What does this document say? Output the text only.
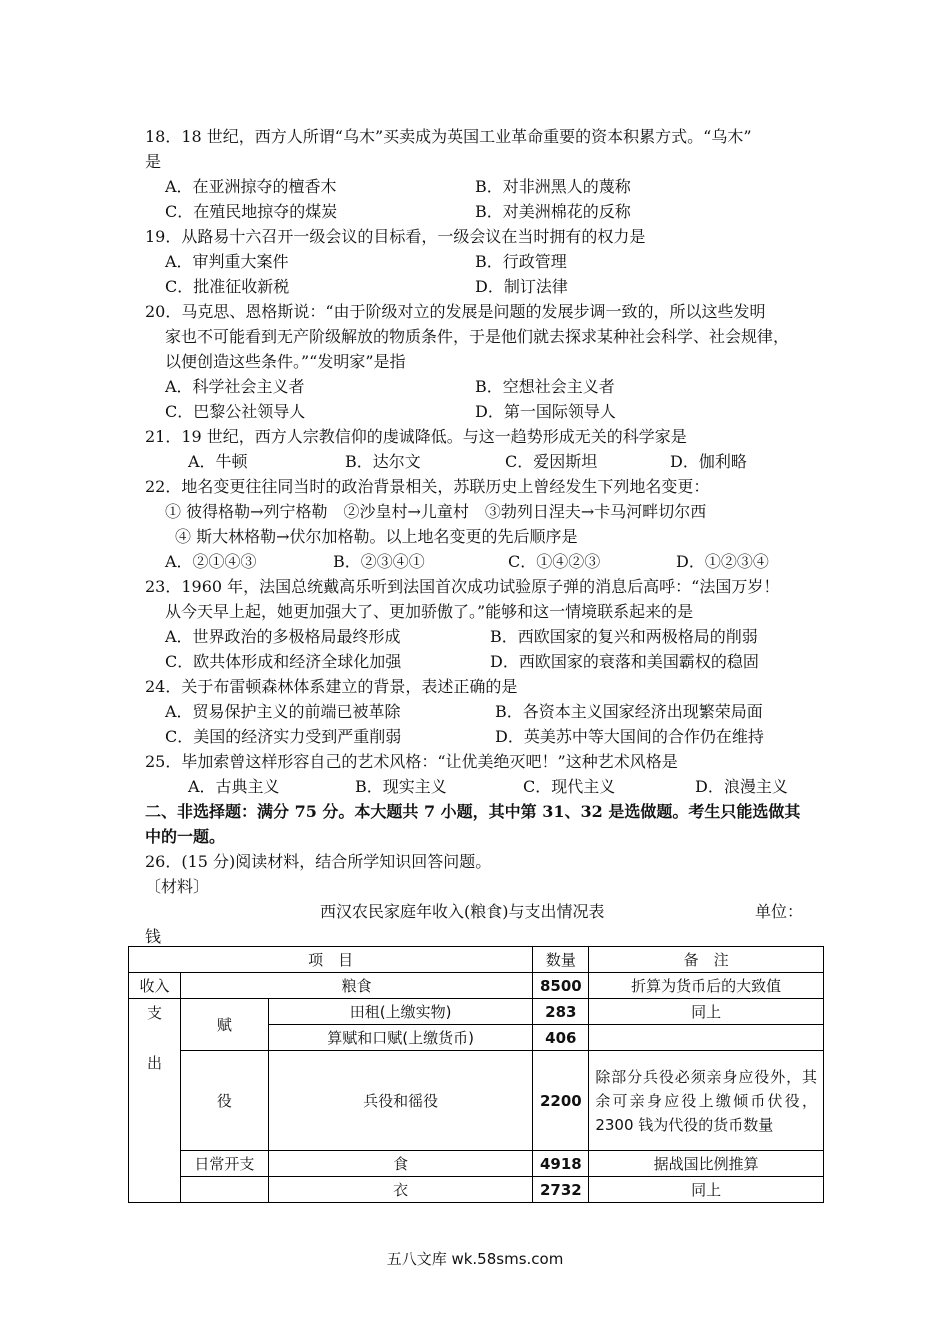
18．18 世纪，西方人所谓“乌木”买卖成为英国工业革命重要的资本积累方式。“乌木”
是
A．在亚洲掠夺的檀香木	B．对非洲黑人的蔑称
C．在殖民地掠夺的煤炭	B．对美洲棉花的反称
19．从路易十六召开一级会议的目标看，一级会议在当时拥有的权力是
A．审判重大案件	B．行政管理
C．批准征收新税	D．制订法律
20．马克思、恩格斯说：“由于阶级对立的发展是问题的发展步调一致的，所以这些发明
家也不可能看到无产阶级解放的物质条件，于是他们就去探求某种社会科学、社会规律，
以便创造这些条件。”“发明家”是指
A．科学社会主义者	B．空想社会主义者
C．巴黎公社领导人	D．第一国际领导人
21．19 世纪，西方人宗教信仰的虔诚降低。与这一趋势形成无关的科学家是
A．牛顿	B．达尔文	C．爱因斯坦	D．伽利略
22．地名变更往往同当时的政治背景相关，苏联历史上曾经发生下列地名变更：
① 彼得格勒→列宁格勒　②沙皇村→儿童村　③勃列日涅夫→卡马河畔切尔西
④ 斯大林格勒→伏尔加格勒。以上地名变更的先后顺序是
A．②①④③	B．②③④①	C．①④②③	D．①②③④
23．1960 年，法国总统戴高乐听到法国首次成功试验原子弹的消息后高呼：“法国万岁！
从今天早上起，她更加强大了、更加骄傲了。”能够和这一情境联系起来的是
A．世界政治的多极格局最终形成	B．西欧国家的复兴和两极格局的削弱
C．欧共体形成和经济全球化加强	D．西欧国家的衰落和美国霸权的稳固
24．关于布雷顿森林体系建立的背景，表述正确的是
A．贸易保护主义的前端已被革除	B．各资本主义国家经济出现繁荣局面
C．美国的经济实力受到严重削弱	D．英美苏中等大国间的合作仍在维持
25．毕加索曾这样形容自己的艺术风格：“让优美绝灭吧！”这种艺术风格是
A．古典主义	B．现实主义	C．现代主义	D．浪漫主义
二、非选择题：满分 75 分。本大题共 7 小题，其中第 31、32 是选做题。考生只能选做其
中的一题。
26．(15 分)阅读材料，结合所学知识回答问题。
〔材料〕
西汉农民家庭年收入(粮食)与支出情况表	单位：
钱
项　目			数量	备　注
收入	粮食		8500	折算为货币后的大致值

支
出	赋	田租(上缴实物)	283	同上
		算赋和口赋(上缴货币)	406	
	役	兵役和徭役	2200	除部分兵役必须亲身应役外，其余可亲身应役上缴倾币伏役，2300 钱为代役的货币数量
	日常开支	食	4918	据战国比例推算
		衣	2732	同上
五八文库 wk.58sms.com
